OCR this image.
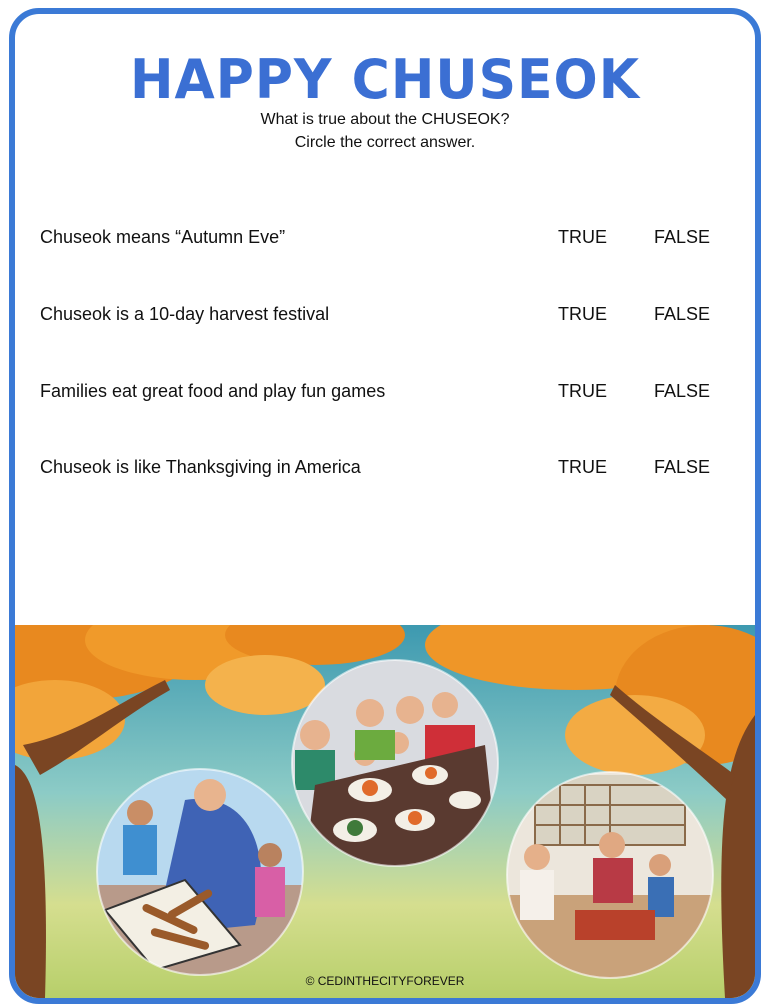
HAPPY CHUSEOK
What is true about the CHUSEOK?
Circle the correct answer.
Chuseok means “Autumn Eve”	TRUE	FALSE
Chuseok is a 10-day harvest festival	TRUE	FALSE
Families eat great food and play fun games	TRUE	FALSE
Chuseok is like Thanksgiving in America	TRUE	FALSE
© CEDINTHECITYFOREVER
